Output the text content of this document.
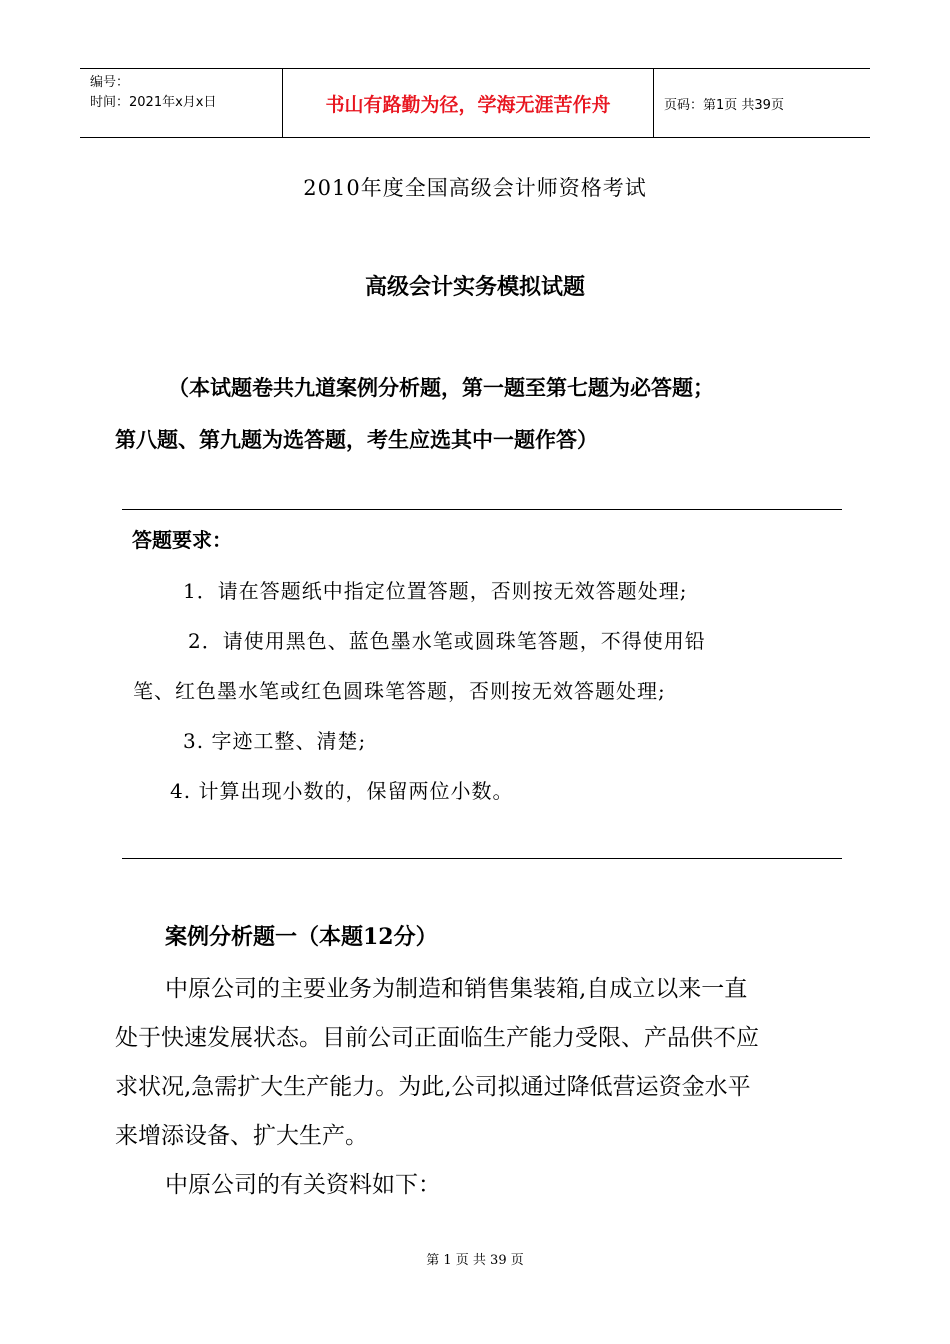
编号：
时间：2021年x月x日	书山有路勤为径，学海无涯苦作舟	页码：第1页 共39页
2010年度全国高级会计师资格考试
高级会计实务模拟试题
（本试题卷共九道案例分析题，第一题至第七题为必答题；
第八题、第九题为选答题，考生应选其中一题作答）
答题要求：
1．请在答题纸中指定位置答题，否则按无效答题处理;
2．请使用黑色、蓝色墨水笔或圆珠笔答题，不得使用铅
笔、红色墨水笔或红色圆珠笔答题，否则按无效答题处理;
3. 字迹工整、清楚;
4. 计算出现小数的，保留两位小数。
案例分析题一（本题12分）
中原公司的主要业务为制造和销售集装箱,自成立以来一直
处于快速发展状态。目前公司正面临生产能力受限、产品供不应
求状况,急需扩大生产能力。为此,公司拟通过降低营运资金水平
来增添设备、扩大生产。
中原公司的有关资料如下：
第 1 页 共 39 页
